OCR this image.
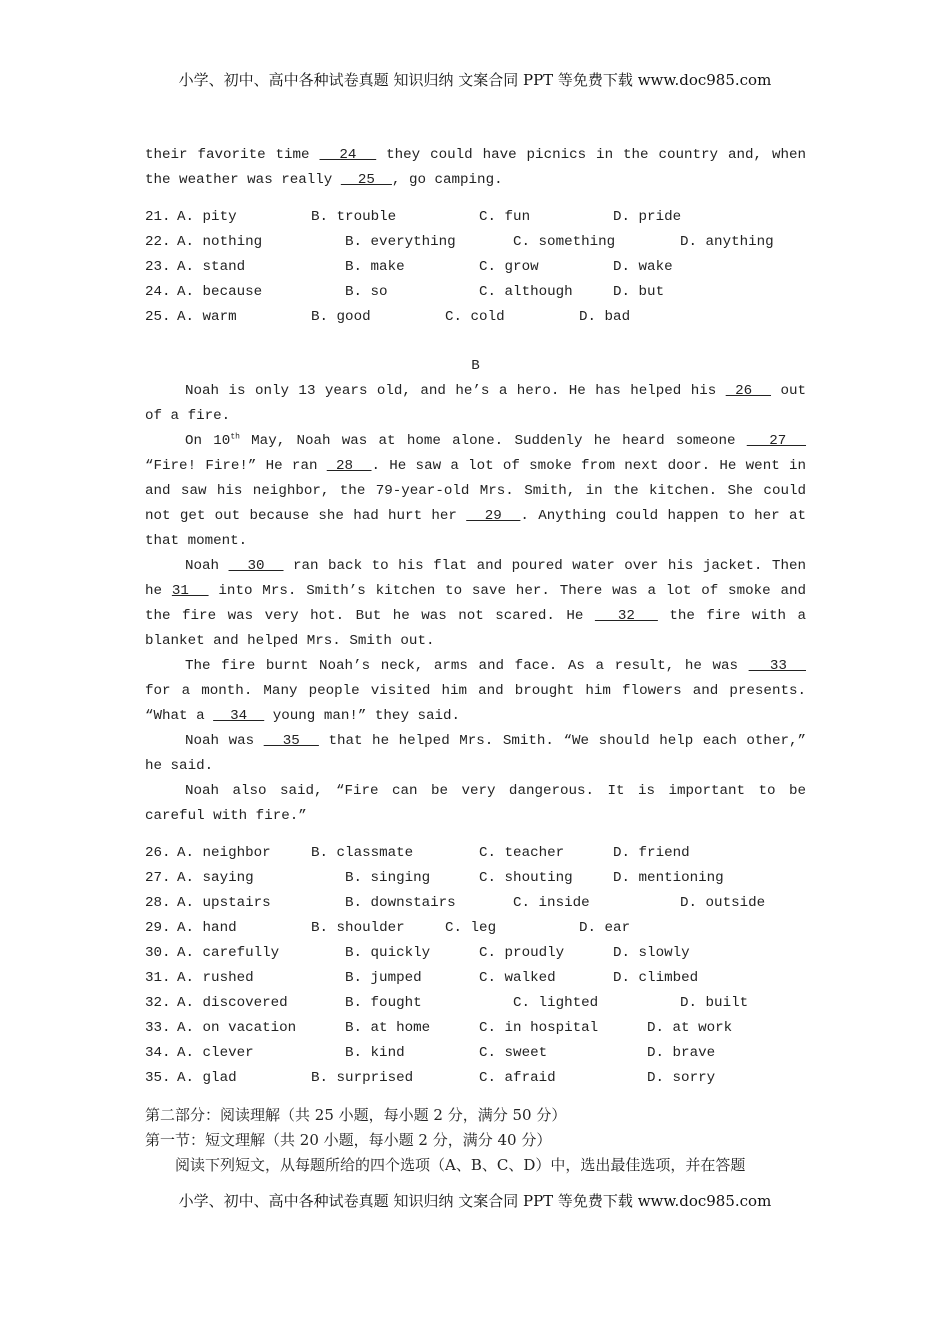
小学、初中、高中各种试卷真题 知识归纳 文案合同 PPT 等免费下载 www.doc985.com

their favorite time   24   they could have picnics in the country and, when the weather was really   25  , go camping.

21. A. pity	B. trouble	C. fun	D. pride
22. A. nothing	B. everything	C. something	D. anything
23. A. stand	B. make	C. grow	D. wake
24. A. because	B. so	C. although	D. but
25. A. warm	B. good	C. cold	D. bad

B

Noah is only 13 years old, and he’s a hero. He has helped his  26   out of a fire.

On 10th May, Noah was at home alone. Suddenly he heard someone   27   “Fire! Fire!” He ran  28  . He saw a lot of smoke from next door. He went in and saw his neighbor, the 79-year-old Mrs. Smith, in the kitchen. She could not get out because she had hurt her   29  . Anything could happen to her at that moment.

Noah   30   ran back to his flat and poured water over his jacket. Then he 31   into Mrs. Smith’s kitchen to save her. There was a lot of smoke and the fire was very hot. But he was not scared. He   32   the fire with a blanket and helped Mrs. Smith out.

The fire burnt Noah’s neck, arms and face. As a result, he was   33   for a month. Many people visited him and brought him flowers and presents. “What a   34   young man!” they said.

Noah was   35   that he helped Mrs. Smith. “We should help each other,” he said.

Noah also said, “Fire can be very dangerous. It is important to be careful with fire.”

26. A. neighbor	B. classmate	C. teacher	D. friend
27. A. saying	B. singing	C. shouting	D. mentioning
28. A. upstairs	B. downstairs	C. inside	D. outside
29. A. hand	B. shoulder	C. leg	D. ear
30. A. carefully	B. quickly	C. proudly	D. slowly
31. A. rushed	B. jumped	C. walked	D. climbed
32. A. discovered	B. fought	C. lighted	D. built
33. A. on vacation	B. at home	C. in hospital	D. at work
34. A. clever	B. kind	C. sweet	D. brave
35. A. glad	B. surprised	C. afraid	D. sorry

第二部分：阅读理解（共 25 小题，每小题 2 分，满分 50 分）

第一节：短文理解（共 20 小题，每小题 2 分，满分 40 分）

阅读下列短文，从每题所给的四个选项（A、B、C、D）中，选出最佳选项，并在答题

小学、初中、高中各种试卷真题 知识归纳 文案合同 PPT 等免费下载 www.doc985.com
